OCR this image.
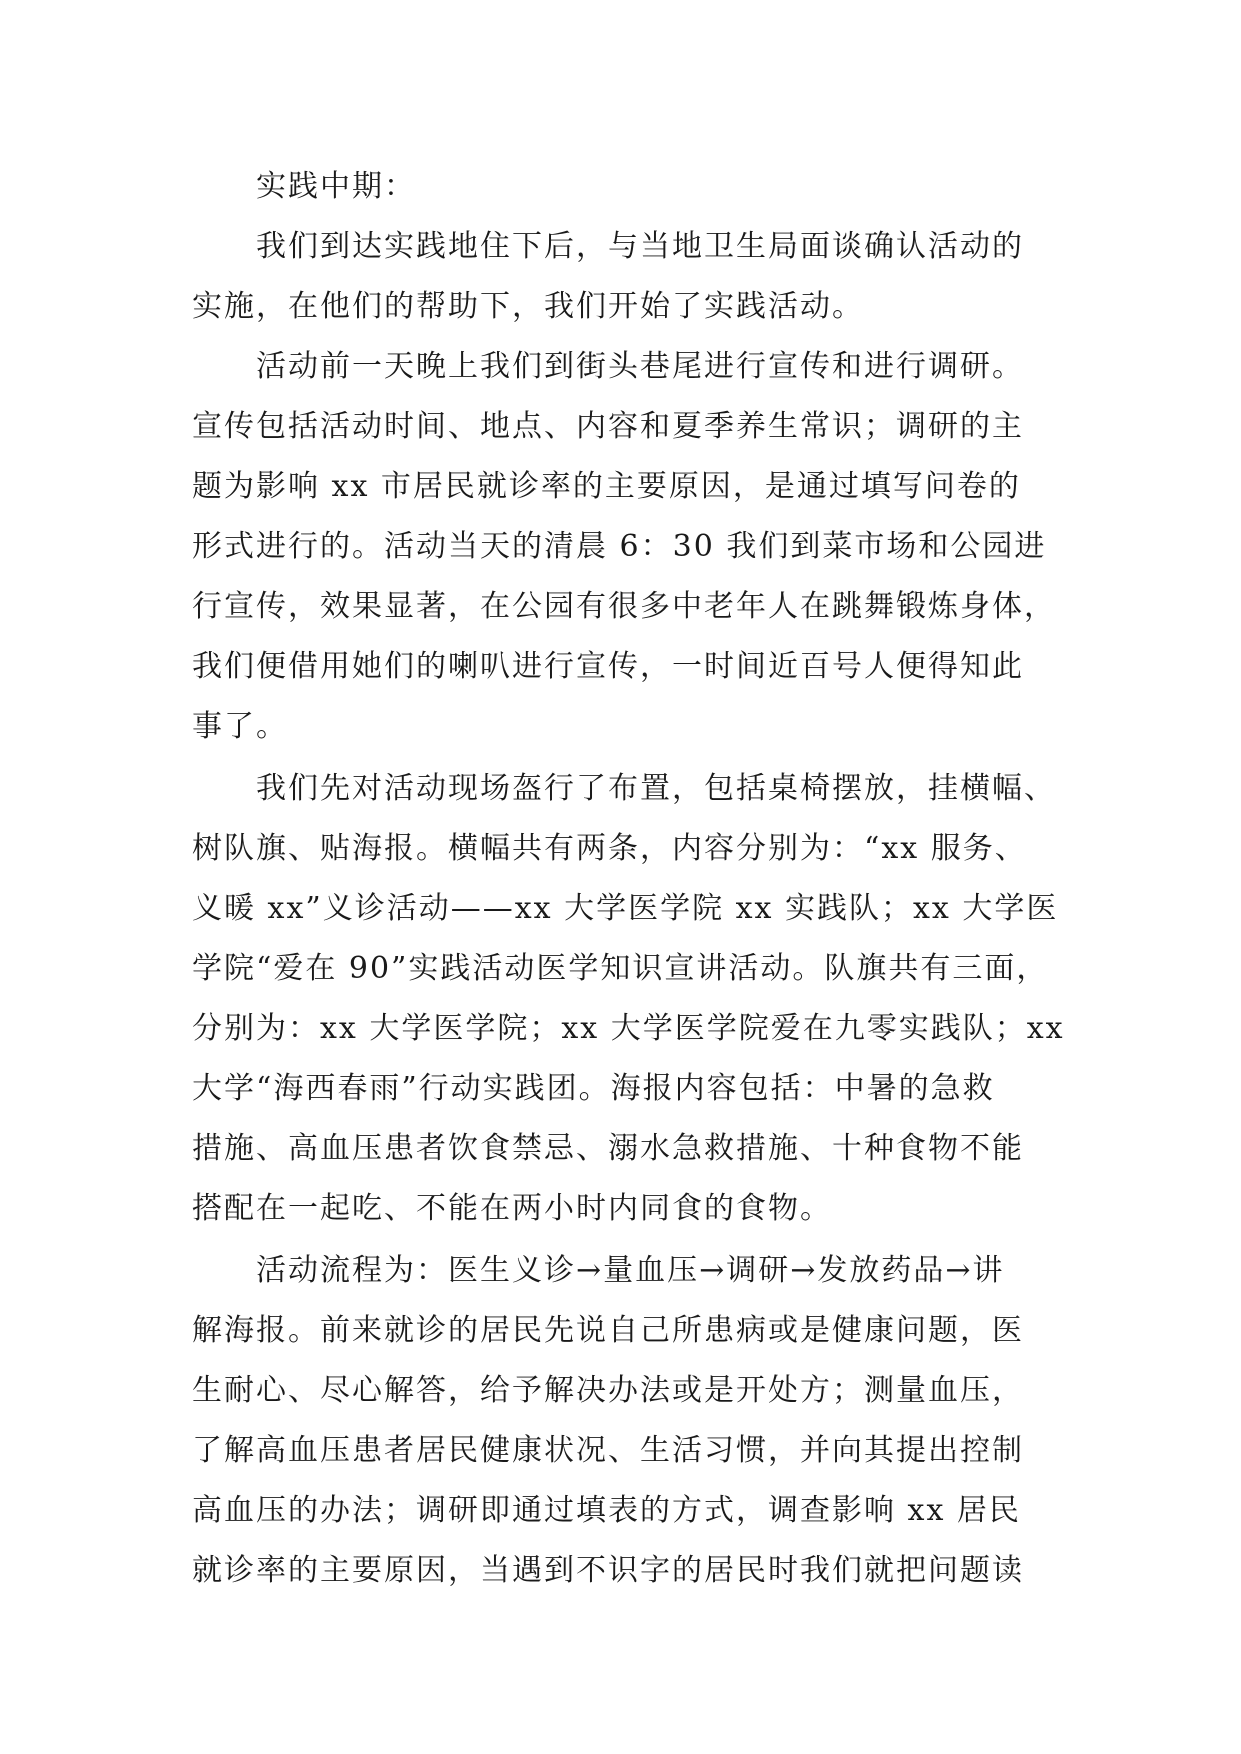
实践中期：
我们到达实践地住下后，与当地卫生局面谈确认活动的
实施，在他们的帮助下，我们开始了实践活动。
活动前一天晚上我们到街头巷尾进行宣传和进行调研。
宣传包括活动时间、地点、内容和夏季养生常识；调研的主
题为影响 xx 市居民就诊率的主要原因，是通过填写问卷的
形式进行的。活动当天的清晨 6：30 我们到菜市场和公园进
行宣传，效果显著，在公园有很多中老年人在跳舞锻炼身体，
我们便借用她们的喇叭进行宣传，一时间近百号人便得知此
事了。
我们先对活动现场盔行了布置，包括桌椅摆放，挂横幅、
树队旗、贴海报。横幅共有两条，内容分别为：“xx 服务、
义暖 xx”义诊活动——xx 大学医学院 xx 实践队；xx 大学医
学院“爱在 90”实践活动医学知识宣讲活动。队旗共有三面，
分别为：xx 大学医学院；xx 大学医学院爱在九零实践队；xx
大学“海西春雨”行动实践团。海报内容包括：中暑的急救
措施、高血压患者饮食禁忌、溺水急救措施、十种食物不能
搭配在一起吃、不能在两小时内同食的食物。
活动流程为：医生义诊→量血压→调研→发放药品→讲
解海报。前来就诊的居民先说自己所患病或是健康问题，医
生耐心、尽心解答，给予解决办法或是开处方；测量血压，
了解高血压患者居民健康状况、生活习惯，并向其提出控制
高血压的办法；调研即通过填表的方式，调查影响 xx 居民
就诊率的主要原因，当遇到不识字的居民时我们就把问题读
